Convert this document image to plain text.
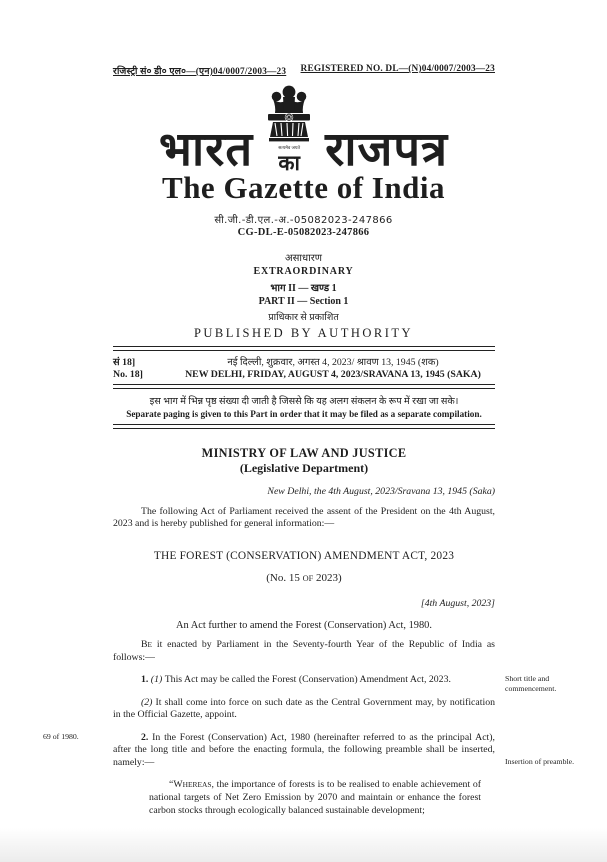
रजिस्ट्री सं० डी० एल०—(एन)04/0007/2003—23 REGISTERED NO. DL—(N)04/0007/2003—23
भारत	सत्यमेव जयते
का राजपत्र
The Gazette of India
सी.जी.-डी.एल.-अ.-05082023-247866
CG-DL-E-05082023-247866
असाधारण
EXTRAORDINARY
भाग II — खण्ड 1
PART II — Section 1
प्राधिकार से प्रकाशित
PUBLISHED BY AUTHORITY
सं 18]	नई दिल्ली, शुक्रवार, अगस्त 4, 2023/ श्रावण 13, 1945 (शक)
No. 18]	NEW DELHI, FRIDAY, AUGUST 4, 2023/SRAVANA 13, 1945 (SAKA)
इस भाग में भिन्न पृष्ठ संख्या दी जाती है जिससे कि यह अलग संकलन के रूप में रखा जा सके।
Separate paging is given to this Part in order that it may be filed as a separate compilation.
MINISTRY OF LAW AND JUSTICE
(Legislative Department)
New Delhi, the 4th August, 2023/Sravana 13, 1945 (Saka)

The following Act of Parliament received the assent of the President on the 4th August, 2023 and is hereby published for general information:—

THE FOREST (CONSERVATION) AMENDMENT ACT, 2023
(No. 15 OF 2023)
[4th August, 2023]
An Act further to amend the Forest (Conservation) Act, 1980.

BE it enacted by Parliament in the Seventy-fourth Year of the Republic of India as follows:—

1. (1) This Act may be called the Forest (Conservation) Amendment Act, 2023.	Short title and commencement.

(2) It shall come into force on such date as the Central Government may, by notification in the Official Gazette, appoint.

69 of 1980.	2. In the Forest (Conservation) Act, 1980 (hereinafter referred to as the principal Act), after the long title and before the enacting formula, the following preamble shall be inserted, namely:—	Insertion of preamble.

“WHEREAS, the importance of forests is to be realised to enable achievement of national targets of Net Zero Emission by 2070 and maintain or enhance the forest carbon stocks through ecologically balanced sustainable development;
